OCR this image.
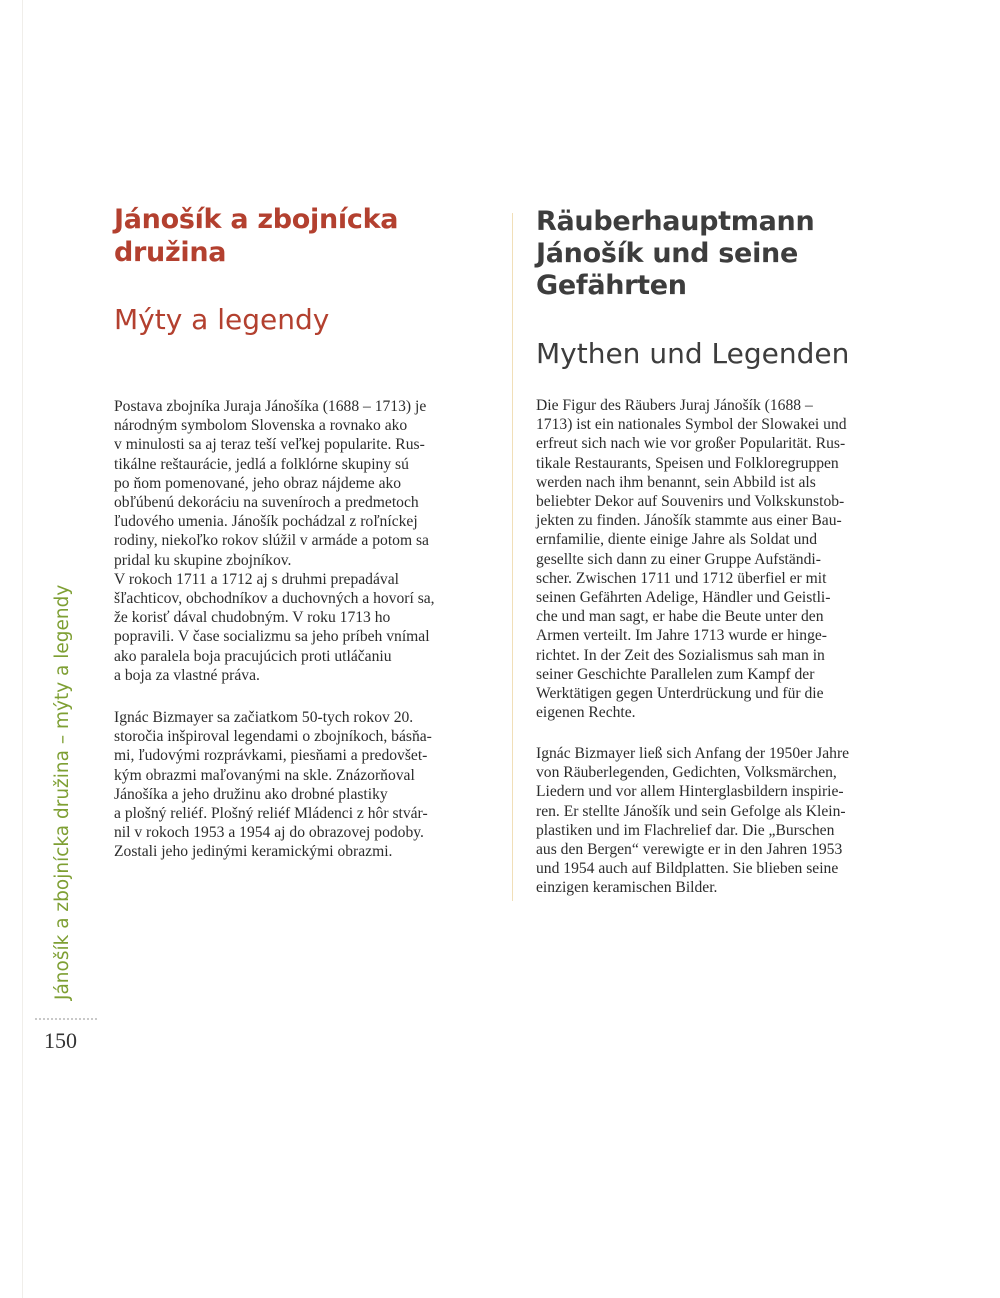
Jánošík a zbojnícka družina – mýty a legendy
150
Jánošík a zbojnícka
družina
Mýty a legendy

Postava zbojníka Juraja Jánošíka (1688 – 1713) je
národným symbolom Slovenska a rovnako ako
v minulosti sa aj teraz teší veľkej popularite. Rus-
tikálne reštaurácie, jedlá a folklórne skupiny sú
po ňom pomenované, jeho obraz nájdeme ako
obľúbenú dekoráciu na suveníroch a predmetoch
ľudového umenia. Jánošík pochádzal z roľníckej
rodiny, niekoľko rokov slúžil v armáde a potom sa
pridal ku skupine zbojníkov.
V rokoch 1711 a 1712 aj s druhmi prepadával
šľachticov, obchodníkov a duchovných a hovorí sa,
že korisť dával chudobným. V roku 1713 ho
popravili. V čase socializmu sa jeho príbeh vnímal
ako paralela boja pracujúcich proti utláčaniu
a boja za vlastné práva.

Ignác Bizmayer sa začiatkom 50-tych rokov 20.
storočia inšpiroval legendami o zbojníkoch, básňa-
mi, ľudovými rozprávkami, piesňami a predovšet-
kým obrazmi maľovanými na skle. Znázorňoval
Jánošíka a jeho družinu ako drobné plastiky
a plošný reliéf. Plošný reliéf Mládenci z hôr stvár-
nil v rokoch 1953 a 1954 aj do obrazovej podoby.
Zostali jeho jedinými keramickými obrazmi.

Räuberhauptmann
Jánošík und seine
Gefährten
Mythen und Legenden

Die Figur des Räubers Juraj Jánošík (1688 –
1713) ist ein nationales Symbol der Slowakei und
erfreut sich nach wie vor großer Popularität. Rus-
tikale Restaurants, Speisen und Folkloregruppen
werden nach ihm benannt, sein Abbild ist als
beliebter Dekor auf Souvenirs und Volkskunstob-
jekten zu finden. Jánošík stammte aus einer Bau-
ernfamilie, diente einige Jahre als Soldat und
gesellte sich dann zu einer Gruppe Aufständi-
scher. Zwischen 1711 und 1712 überfiel er mit
seinen Gefährten Adelige, Händler und Geistli-
che und man sagt, er habe die Beute unter den
Armen verteilt. Im Jahre 1713 wurde er hinge-
richtet. In der Zeit des Sozialismus sah man in
seiner Geschichte Parallelen zum Kampf der
Werktätigen gegen Unterdrückung und für die
eigenen Rechte.

Ignác Bizmayer ließ sich Anfang der 1950er Jahre
von Räuberlegenden, Gedichten, Volksmärchen,
Liedern und vor allem Hinterglasbildern inspirie-
ren. Er stellte Jánošík und sein Gefolge als Klein-
plastiken und im Flachrelief dar. Die „Burschen
aus den Bergen“ verewigte er in den Jahren 1953
und 1954 auch auf Bildplatten. Sie blieben seine
einzigen keramischen Bilder.
